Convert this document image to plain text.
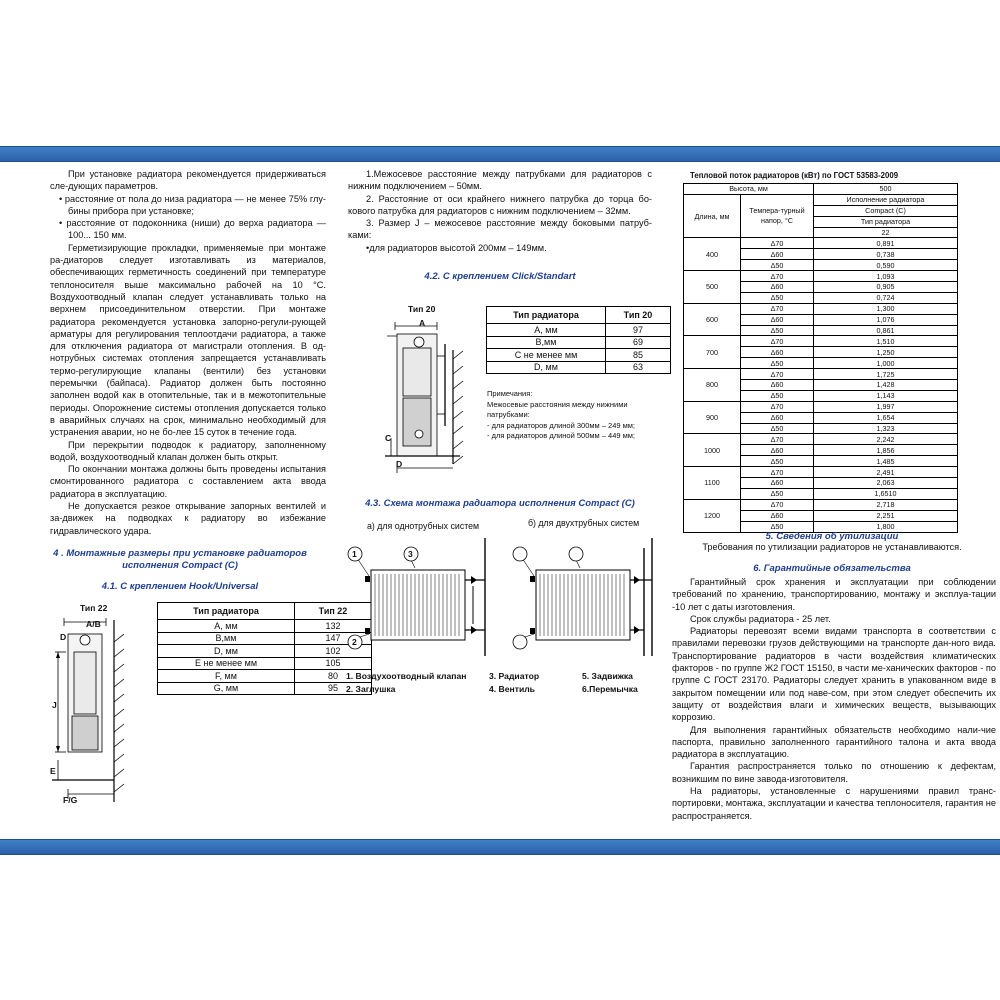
При установке радиатора рекомендуется придерживаться сле-дующих параметров.

• расстояние от пола до низа радиатора — не менее 75% глу-бины прибора при установке;

• расстояние от подоконника (ниши) до верха радиатора — 100... 150 мм.

Герметизирующие прокладки, применяемые при монтаже ра-диаторов следует изготавливать из материалов, обеспечивающих герметичность соединений при температуре теплоносителя выше максимально рабочей на 10 °С. Воздухоотводный клапан следует устанавливать только на верхнем присоединительном отверстии. При монтаже радиатора рекомендуется установка запорно-регули-рующей арматуры для регулирования теплоотдачи радиатора, а также для отключения радиатора от магистрали отопления. В од-нотрубных системах отопления запрещается устанавливать термо-регулирующие клапаны (вентили) без установки перемычки (байпаса). Радиатор должен быть постоянно заполнен водой как в отопительные, так и в межотопительные периоды. Опорожнение системы отопления допускается только в аварийных случаях на срок, минимально необходимый для устранения аварии, но не бо-лее 15 суток в течение года.

При перекрытии подводок к радиатору, заполненному водой, воздухоотводный клапан должен быть открыт.

По окончании монтажа должны быть проведены испытания смонтированного радиатора с составлением акта ввода радиатора в эксплуатацию.

Не допускается резкое открывание запорных вентилей и за-движек на подводках к радиатору во избежание гидравлического удара.

4 . Монтажные размеры при установке радиаторов
исполнения Compact (C)
4.1. С креплением Hook/Universal
Тип 22
A/B
D
J
E
F/G
Тип радиатора	Тип 22
A, мм	132
B,мм	147
D, мм	102
E не менее мм	105
F, мм	80
G, мм	95

1.Межосевое расстояние между патрубками для радиаторов с нижним подключением – 50мм.

2. Расстояние от оси крайнего нижнего патрубка до торца бо-кового патрубка для радиаторов с нижним подключением – 32мм.

3. Размер J – межосевое расстояние между боковыми патруб-ками:

•для радиаторов высотой 200мм – 149мм.

4.2. С креплением Click/Standart
Тип 20
A
C
D
Тип радиатора	Тип 20
A, мм	97
B,мм	69
C не менее мм	85
D, мм	63
Примечания:
Межосевые расстояния между нижними патрубками:
- для радиаторов длиной 300мм – 249 мм;
- для радиаторов длиной 500мм – 449 мм;
4.3. Схема монтажа радиатора исполнения Compact (C)
а) для однотрубных систем	б) для двухтрубных систем
1
2
3
1. Воздухоотводный клапан
2. Заглушка
3. Радиатор
4. Вентиль
5. Задвижка
6.Перемычка
Тепловой поток радиаторов (кВт) по ГОСТ 53583-2009
Высота, мм		500
Длина, мм	Темпера-турный напор, °С	Исполнение радиатора
		Compact (C)
		Тип радиатора
		22
400	Δ70	0,891
	Δ60	0,738
	Δ50	0,590
500	Δ70	1,093
	Δ60	0,905
	Δ50	0,724
600	Δ70	1,300
	Δ60	1,076
	Δ50	0,861
700	Δ70	1,510
	Δ60	1,250
	Δ50	1,000
800	Δ70	1,725
	Δ60	1,428
	Δ50	1,143
900	Δ70	1,997
	Δ60	1,654
	Δ50	1,323
1000	Δ70	2,242
	Δ60	1,856
	Δ50	1,485
1100	Δ70	2,491
	Δ60	2,063
	Δ50	1,6510
1200	Δ70	2,718
	Δ60	2,251
	Δ50	1,800
5. Сведения об утилизации
Требования по утилизации радиаторов не устанавливаются.
6. Гарантийные обязательства

Гарантийный срок хранения и эксплуатации при соблюдении требований по хранению, транспортированию, монтажу и эксплуа-тации -10 лет с даты изготовления.

Срок службы радиатора - 25 лет.

Радиаторы перевозят всеми видами транспорта в соответствии с правилами перевозки грузов действующими на транспорте дан-ного вида. Транспортирование радиаторов в части воздействия климатических факторов - по группе Ж2 ГОСТ 15150, в части ме-ханических факторов - по группе С ГОСТ 23170. Радиаторы следует хранить в упакованном виде в закрытом помещении или под наве-сом, при этом следует обеспечить их защиту от воздействия влаги и химических веществ, вызывающих коррозию.

Для выполнения гарантийных обязательств необходимо нали-чие паспорта, правильно заполненного гарантийного талона и акта ввода радиатора в эксплуатацию.

Гарантия распространяется только по отношению к дефектам, возникшим по вине завода-изготовителя.

На радиаторы, установленные с нарушениями правил транс-портировки, монтажа, эксплуатации и качества теплоносителя, гарантия не распространяется.
